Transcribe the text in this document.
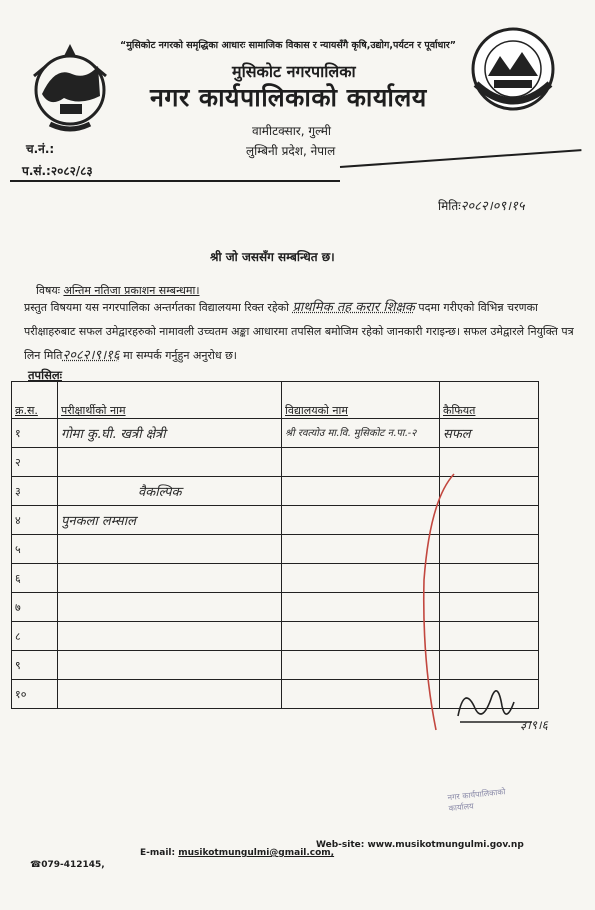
“मुसिकोट नगरको समृद्धिका आधारः सामाजिक विकास र न्यायसँगै कृषि,उद्योग,पर्यटन र पूर्वाधार”
मुसिकोट नगरपालिका
नगर कार्यपालिकाको कार्यालय
वामीटक्सार, गुल्मी
लुम्बिनी प्रदेश, नेपाल
च.नं.:
प.सं.:२०८२/८३
मितिः२०८२।०९।१५
श्री जो जससँग सम्बन्धित छ।
विषयः अन्तिम नतिजा प्रकाशन सम्बन्धमा।
प्रस्तुत विषयमा यस नगरपालिका अन्तर्गतका विद्यालयमा रिक्त रहेको प्राथमिक तह करार शिक्षक पदमा गरीएको विभिन्न चरणका परीक्षाहरुबाट सफल उमेद्वारहरुको नामावली उच्चतम अङ्का आधारमा तपसिल बमोजिम रहेको जानकारी गराइन्छ। सफल उमेद्वारले नियुक्ति पत्र लिन मिति२०८२।९।१६ मा सम्पर्क गर्नुहुन अनुरोध छ।
तपसिलः
क्र.स.	परीक्षार्थीको नाम	विद्यालयको नाम	कैफियत
१	गोमा कु.घी. खत्री क्षेत्री	श्री रवत्योउ मा.वि. मुसिकोट न.पा.-२	सफल
२			
३	वैकल्पिक		
४	पुनकला लम्साल		
५			
६			
७			
८			
९			
१०			
३।९।६
नगर कार्यपालिकाको कार्यालय
E-mail: musikotmungulmi@gmail.com,
Web-site: www.musikotmungulmi.gov.np
☎079-412145,
